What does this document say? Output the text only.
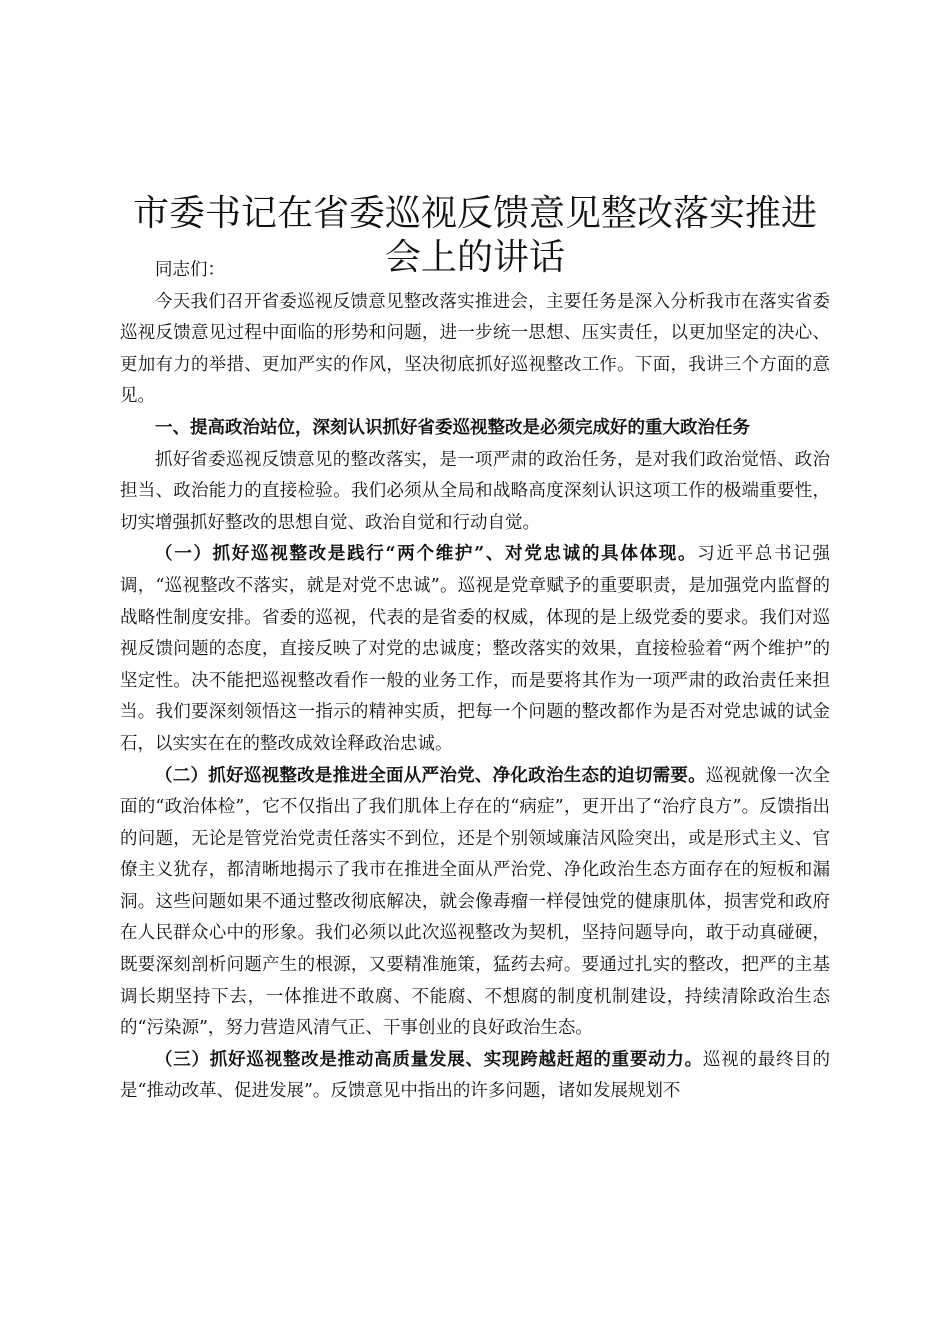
市委书记在省委巡视反馈意见整改落实推进会上的讲话

同志们：

今天我们召开省委巡视反馈意见整改落实推进会，主要任务是深入分析我市在落实省委巡视反馈意见过程中面临的形势和问题，进一步统一思想、压实责任，以更加坚定的决心、更加有力的举措、更加严实的作风，坚决彻底抓好巡视整改工作。下面，我讲三个方面的意见。

一、提高政治站位，深刻认识抓好省委巡视整改是必须完成好的重大政治任务

抓好省委巡视反馈意见的整改落实，是一项严肃的政治任务，是对我们政治觉悟、政治担当、政治能力的直接检验。我们必须从全局和战略高度深刻认识这项工作的极端重要性，切实增强抓好整改的思想自觉、政治自觉和行动自觉。

（一）抓好巡视整改是践行“两个维护”、对党忠诚的具体体现。习近平总书记强调，“巡视整改不落实，就是对党不忠诚”。巡视是党章赋予的重要职责，是加强党内监督的战略性制度安排。省委的巡视，代表的是省委的权威，体现的是上级党委的要求。我们对巡视反馈问题的态度，直接反映了对党的忠诚度；整改落实的效果，直接检验着“两个维护”的坚定性。决不能把巡视整改看作一般的业务工作，而是要将其作为一项严肃的政治责任来担当。我们要深刻领悟这一指示的精神实质，把每一个问题的整改都作为是否对党忠诚的试金石，以实实在在的整改成效诠释政治忠诚。

（二）抓好巡视整改是推进全面从严治党、净化政治生态的迫切需要。巡视就像一次全面的“政治体检”，它不仅指出了我们肌体上存在的“病症”，更开出了“治疗良方”。反馈指出的问题，无论是管党治党责任落实不到位，还是个别领域廉洁风险突出，或是形式主义、官僚主义犹存，都清晰地揭示了我市在推进全面从严治党、净化政治生态方面存在的短板和漏洞。这些问题如果不通过整改彻底解决，就会像毒瘤一样侵蚀党的健康肌体，损害党和政府在人民群众心中的形象。我们必须以此次巡视整改为契机，坚持问题导向，敢于动真碰硬，既要深刻剖析问题产生的根源，又要精准施策，猛药去疴。要通过扎实的整改，把严的主基调长期坚持下去，一体推进不敢腐、不能腐、不想腐的制度机制建设，持续清除政治生态的“污染源”，努力营造风清气正、干事创业的良好政治生态。

（三）抓好巡视整改是推动高质量发展、实现跨越赶超的重要动力。巡视的最终目的是“推动改革、促进发展”。反馈意见中指出的许多问题，诸如发展规划不
